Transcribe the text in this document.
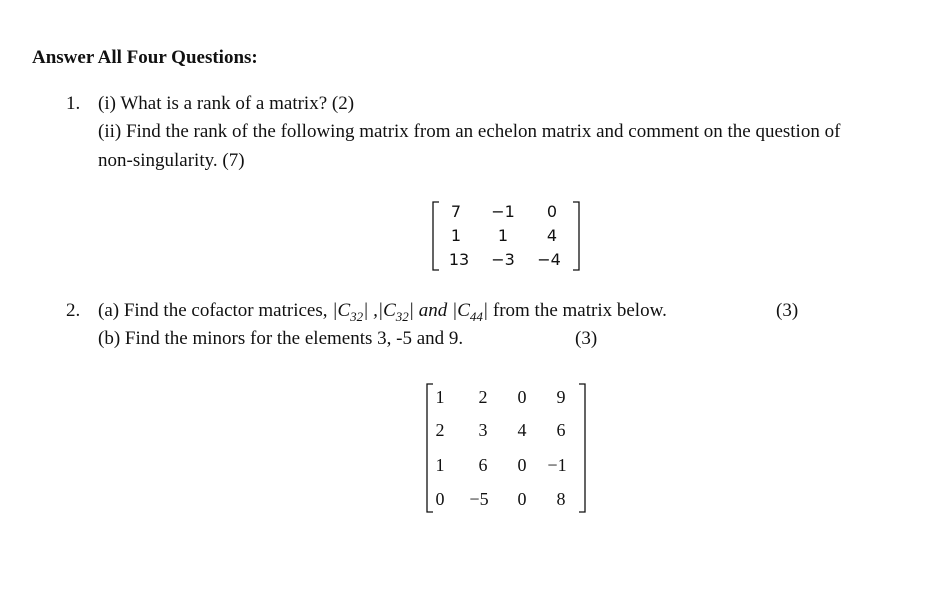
Answer All Four Questions:
1. (i) What is a rank of a matrix? (2)
(ii) Find the rank of the following matrix from an echelon matrix and comment on the question of
non-singularity. (7)
7	−1	0
1	1	4
13	−3	−4
2. (a) Find the cofactor matrices, $|C_{32}|$ $,|C_{32}|$ and $|C_{44}|$ from the matrix below.	(3)
(b) Find the minors for the elements 3, -5 and 9.	(3)
1	2	0	9
2	3	4	6
1	6	0	−1
0	−5	0	8
